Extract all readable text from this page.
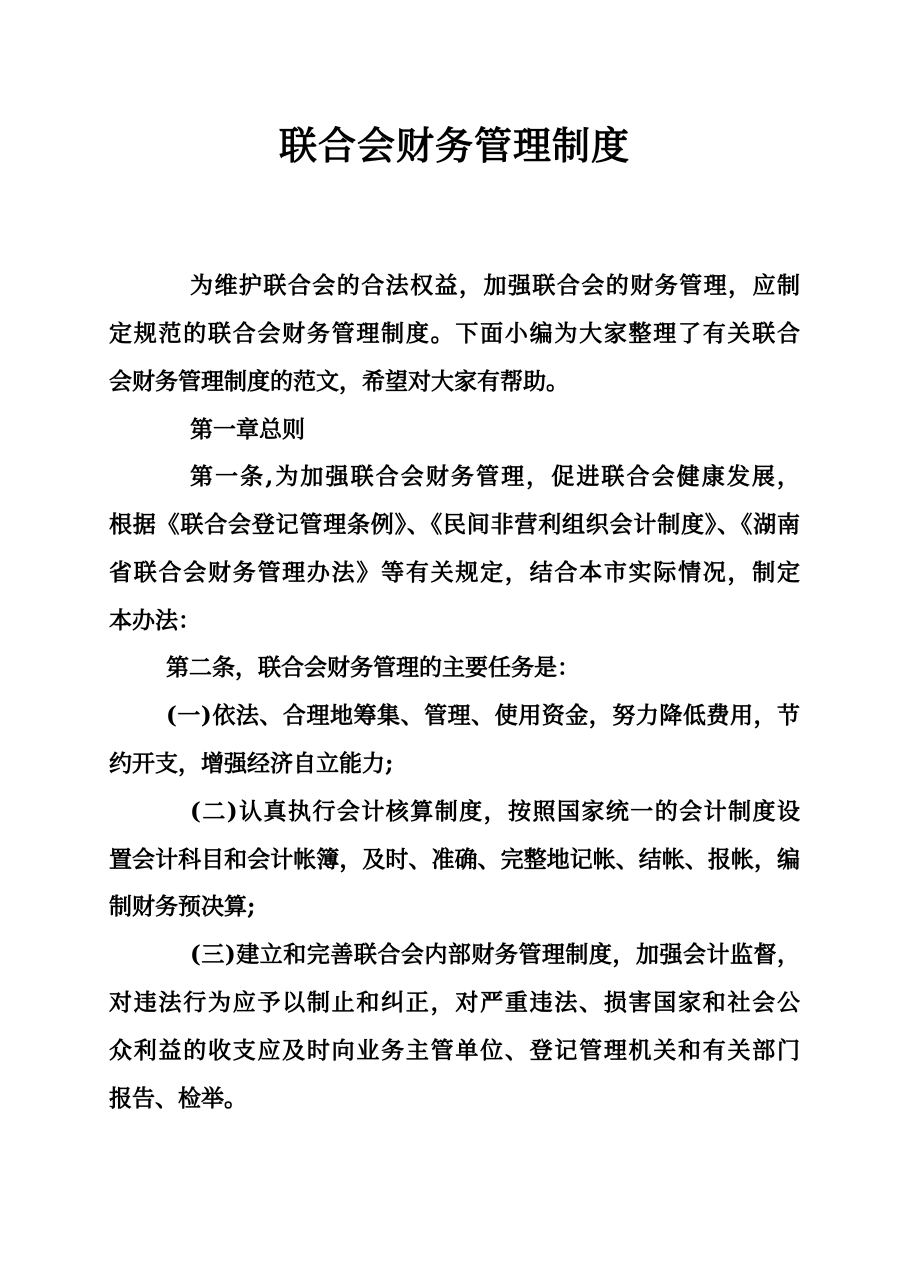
联合会财务管理制度

为维护联合会的合法权益，加强联合会的财务管理，应制

定规范的联合会财务管理制度。下面小编为大家整理了有关联合

会财务管理制度的范文，希望对大家有帮助。

第一章总则

第一条,为加强联合会财务管理，促进联合会健康发展，

根据《联合会登记管理条例》、《民间非营利组织会计制度》、《湖南

省联合会财务管理办法》等有关规定，结合本市实际情况，制定

本办法：

第二条，联合会财务管理的主要任务是：

(一)依法、合理地筹集、管理、使用资金，努力降低费用，节

约开支，增强经济自立能力;

(二)认真执行会计核算制度，按照国家统一的会计制度设

置会计科目和会计帐簿，及时、准确、完整地记帐、结帐、报帐，编

制财务预决算;

(三)建立和完善联合会内部财务管理制度，加强会计监督，

对违法行为应予以制止和纠正，对严重违法、损害国家和社会公

众利益的收支应及时向业务主管单位、登记管理机关和有关部门

报告、检举。
